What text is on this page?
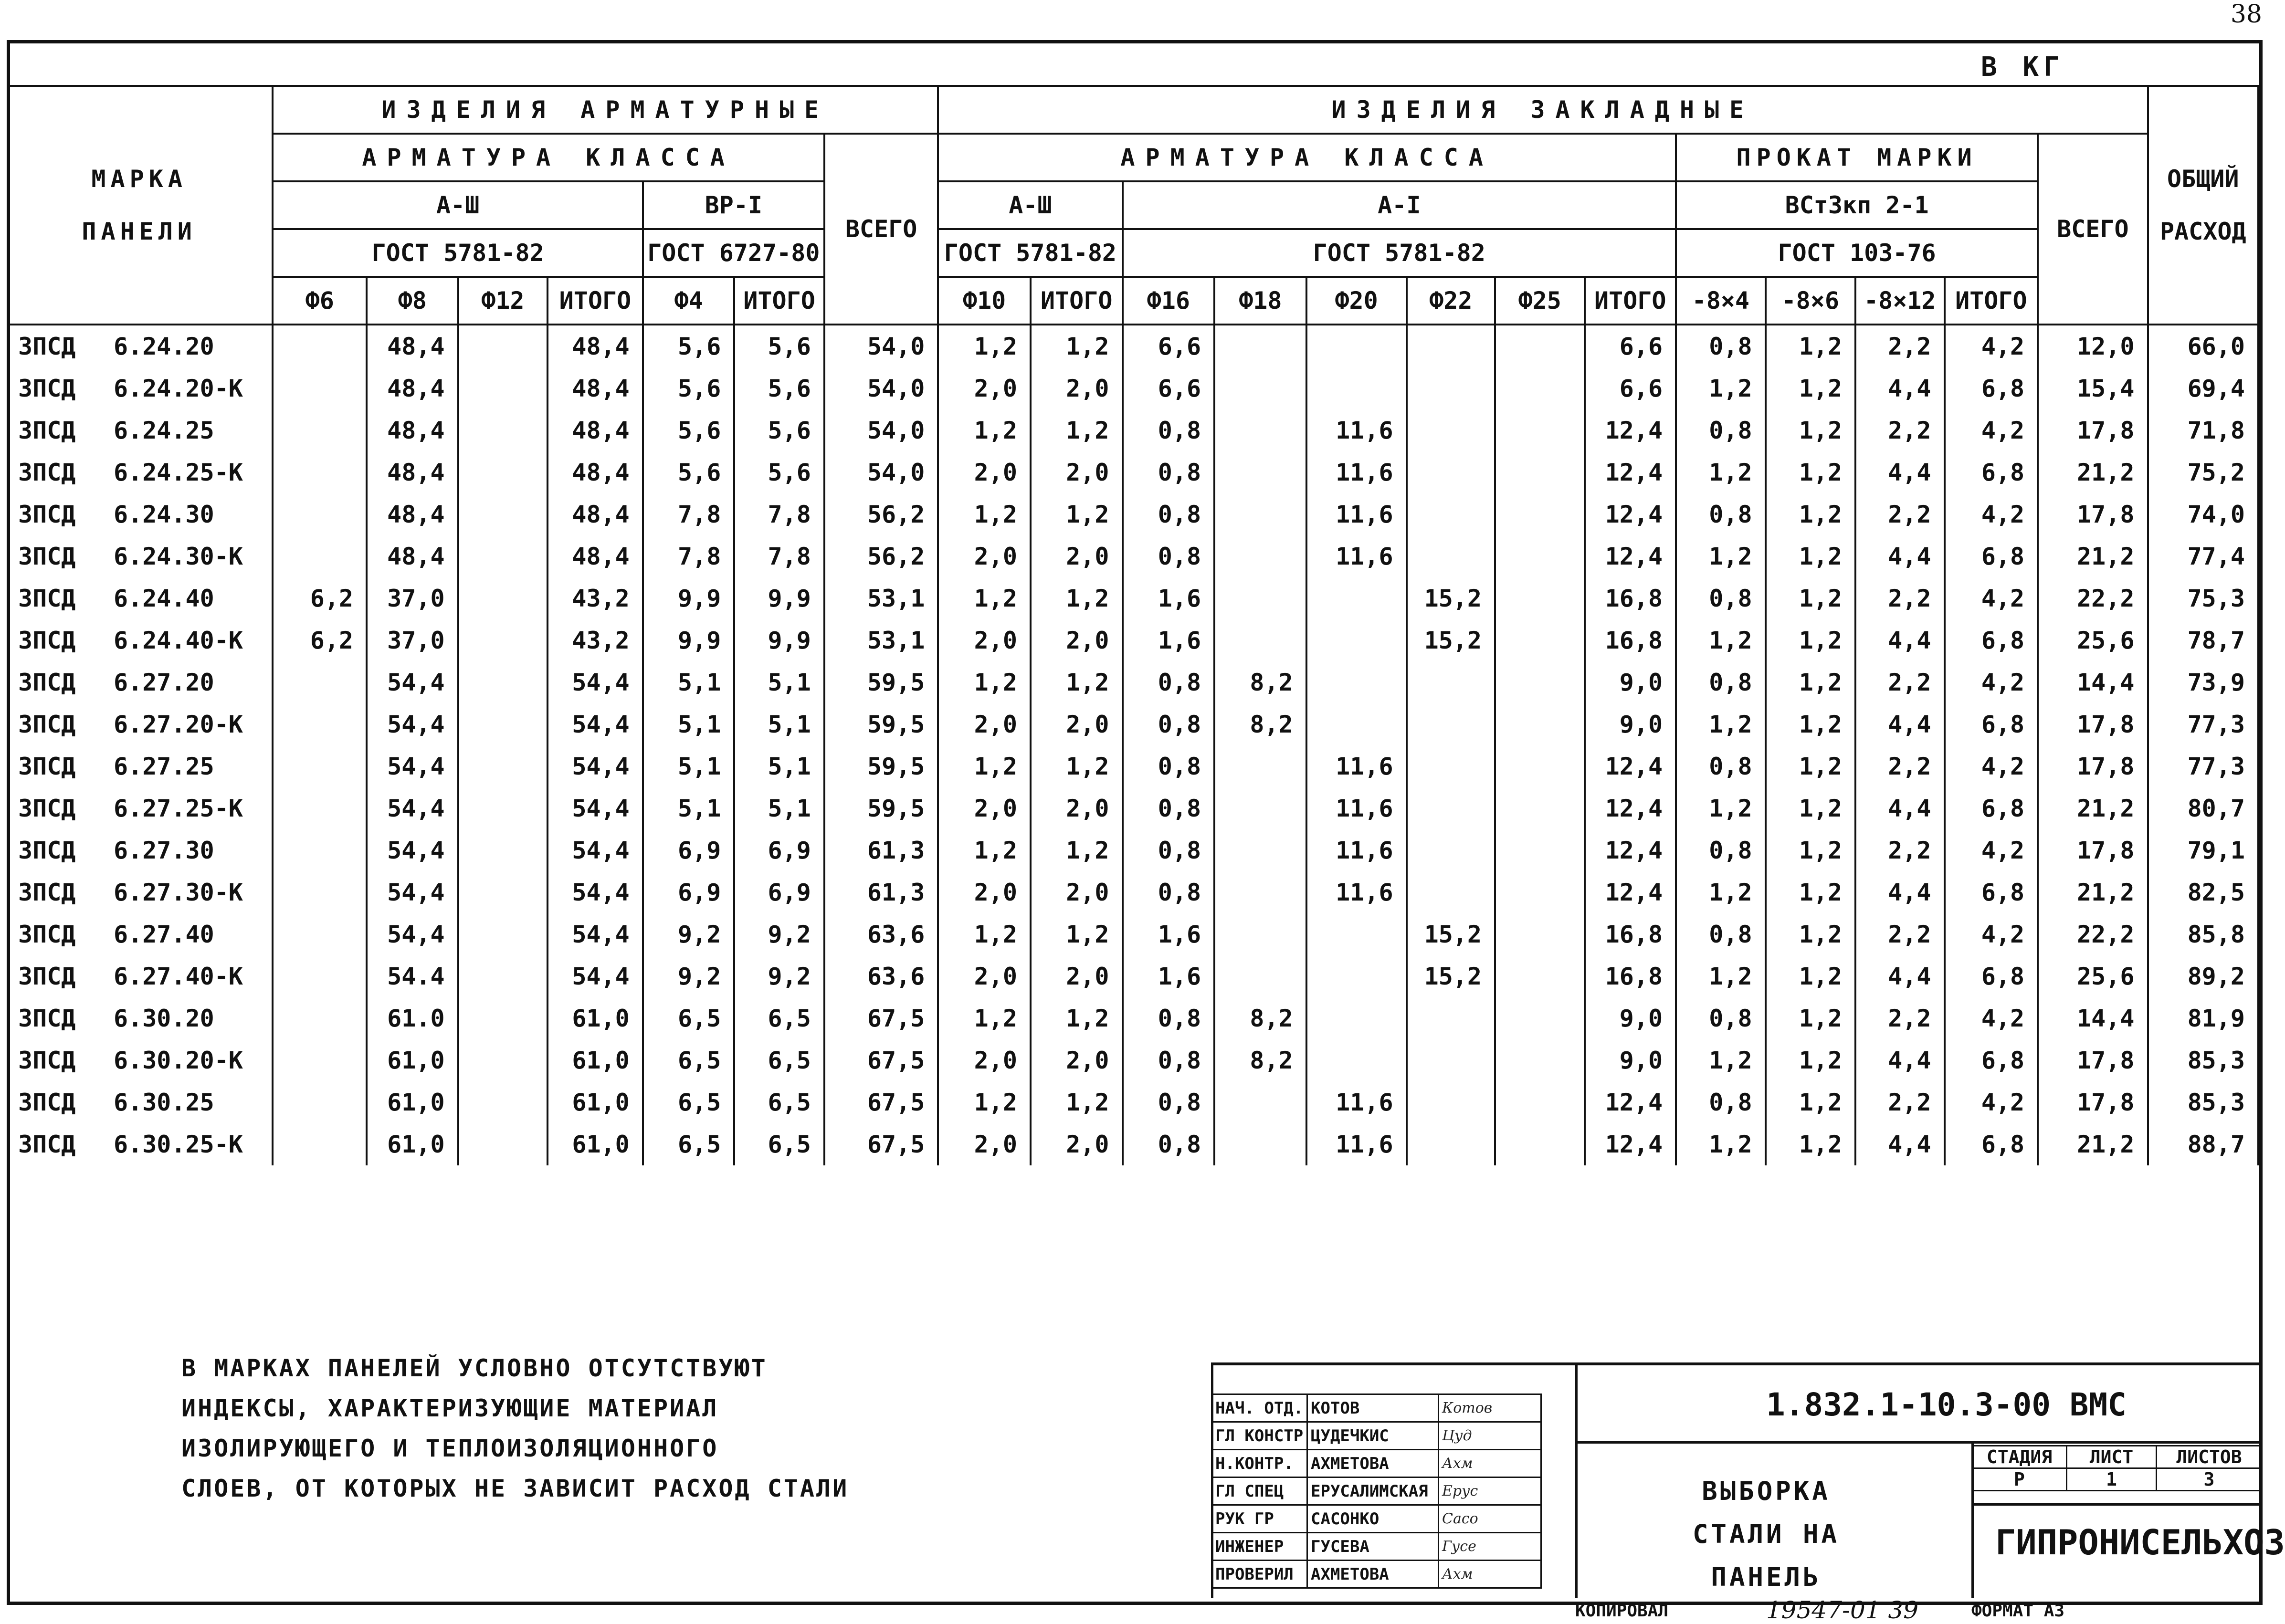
38
В КГ
МАРКА ПАНЕЛИ	ИЗДЕЛИЯ АРМАТУРНЫЕ							ИЗДЕЛИЯ ЗАКЛАДНЫЕ													ОБЩИЙ РАСХОД

	АРМАТУРА КЛАССА						ВСЕГО	АРМАТУРА КЛАССА								ПРОКАТ МАРКИ				ВСЕГО	
	А-Ш				ВР-I			А-Ш		А-I						ВСт3кп 2-1					
	ГОСТ 5781-82				ГОСТ 6727-80			ГОСТ 5781-82		ГОСТ 5781-82						ГОСТ 103-76					
	Ф6	Ф8	Ф12	ИТОГО	Ф4	ИТОГО		Ф10	ИТОГО	Ф16	Ф18	Ф20	Ф22	Ф25	ИТОГО	-8×4	-8×6	-8×12	ИТОГО		
3ПСД 6.24.20		48,4		48,4	5,6	5,6	54,0	1,2	1,2	6,6					6,6	0,8	1,2	2,2	4,2	12,0	66,0
3ПСД 6.24.20-К		48,4		48,4	5,6	5,6	54,0	2,0	2,0	6,6					6,6	1,2	1,2	4,4	6,8	15,4	69,4
3ПСД 6.24.25		48,4		48,4	5,6	5,6	54,0	1,2	1,2	0,8		11,6			12,4	0,8	1,2	2,2	4,2	17,8	71,8
3ПСД 6.24.25-К		48,4		48,4	5,6	5,6	54,0	2,0	2,0	0,8		11,6			12,4	1,2	1,2	4,4	6,8	21,2	75,2
3ПСД 6.24.30		48,4		48,4	7,8	7,8	56,2	1,2	1,2	0,8		11,6			12,4	0,8	1,2	2,2	4,2	17,8	74,0
3ПСД 6.24.30-К		48,4		48,4	7,8	7,8	56,2	2,0	2,0	0,8		11,6			12,4	1,2	1,2	4,4	6,8	21,2	77,4
3ПСД 6.24.40	6,2	37,0		43,2	9,9	9,9	53,1	1,2	1,2	1,6			15,2		16,8	0,8	1,2	2,2	4,2	22,2	75,3
3ПСД 6.24.40-К	6,2	37,0		43,2	9,9	9,9	53,1	2,0	2,0	1,6			15,2		16,8	1,2	1,2	4,4	6,8	25,6	78,7
3ПСД 6.27.20		54,4		54,4	5,1	5,1	59,5	1,2	1,2	0,8	8,2				9,0	0,8	1,2	2,2	4,2	14,4	73,9
3ПСД 6.27.20-К		54,4		54,4	5,1	5,1	59,5	2,0	2,0	0,8	8,2				9,0	1,2	1,2	4,4	6,8	17,8	77,3
3ПСД 6.27.25		54,4		54,4	5,1	5,1	59,5	1,2	1,2	0,8		11,6			12,4	0,8	1,2	2,2	4,2	17,8	77,3
3ПСД 6.27.25-К		54,4		54,4	5,1	5,1	59,5	2,0	2,0	0,8		11,6			12,4	1,2	1,2	4,4	6,8	21,2	80,7
3ПСД 6.27.30		54,4		54,4	6,9	6,9	61,3	1,2	1,2	0,8		11,6			12,4	0,8	1,2	2,2	4,2	17,8	79,1
3ПСД 6.27.30-К		54,4		54,4	6,9	6,9	61,3	2,0	2,0	0,8		11,6			12,4	1,2	1,2	4,4	6,8	21,2	82,5
3ПСД 6.27.40		54,4		54,4	9,2	9,2	63,6	1,2	1,2	1,6			15,2		16,8	0,8	1,2	2,2	4,2	22,2	85,8
3ПСД 6.27.40-К		54.4		54,4	9,2	9,2	63,6	2,0	2,0	1,6			15,2		16,8	1,2	1,2	4,4	6,8	25,6	89,2
3ПСД 6.30.20		61.0		61,0	6,5	6,5	67,5	1,2	1,2	0,8	8,2				9,0	0,8	1,2	2,2	4,2	14,4	81,9
3ПСД 6.30.20-К		61,0		61,0	6,5	6,5	67,5	2,0	2,0	0,8	8,2				9,0	1,2	1,2	4,4	6,8	17,8	85,3
3ПСД 6.30.25		61,0		61,0	6,5	6,5	67,5	1,2	1,2	0,8		11,6			12,4	0,8	1,2	2,2	4,2	17,8	85,3
3ПСД 6.30.25-К		61,0		61,0	6,5	6,5	67,5	2,0	2,0	0,8		11,6			12,4	1,2	1,2	4,4	6,8	21,2	88,7
В МАРКАХ ПАНЕЛЕЙ УСЛОВНО ОТСУТСТВУЮТ
ИНДЕКСЫ, ХАРАКТЕРИЗУЮЩИЕ МАТЕРИАЛ
ИЗОЛИРУЮЩЕГО И ТЕПЛОИЗОЛЯЦИОННОГО
СЛОЕВ, ОТ КОТОРЫХ НЕ ЗАВИСИТ РАСХОД СТАЛИ
НАЧ. ОТД.	КОТОВ	Котов
ГЛ КОНСТР	ЦУДЕЧКИС	Цуд
Н.КОНТР.	АХМЕТОВА	Ахм
ГЛ СПЕЦ	ЕРУСАЛИМСКАЯ	Ерус
РУК ГР	САСОНКО	Сасо
ИНЖЕНЕР	ГУСЕВА	Гусе
ПРОВЕРИЛ	АХМЕТОВА	Ахм
1.832.1-10.3-00 ВМС
ВЫБОРКА
СТАЛИ НА ПАНЕЛЬ
СТАДИЯ	ЛИСТ	ЛИСТОВ
Р	1	3
ГИПРОНИСЕЛЬХОЗ
КОПИРОВАЛ	19547-01 39	ФОРМАТ А3
